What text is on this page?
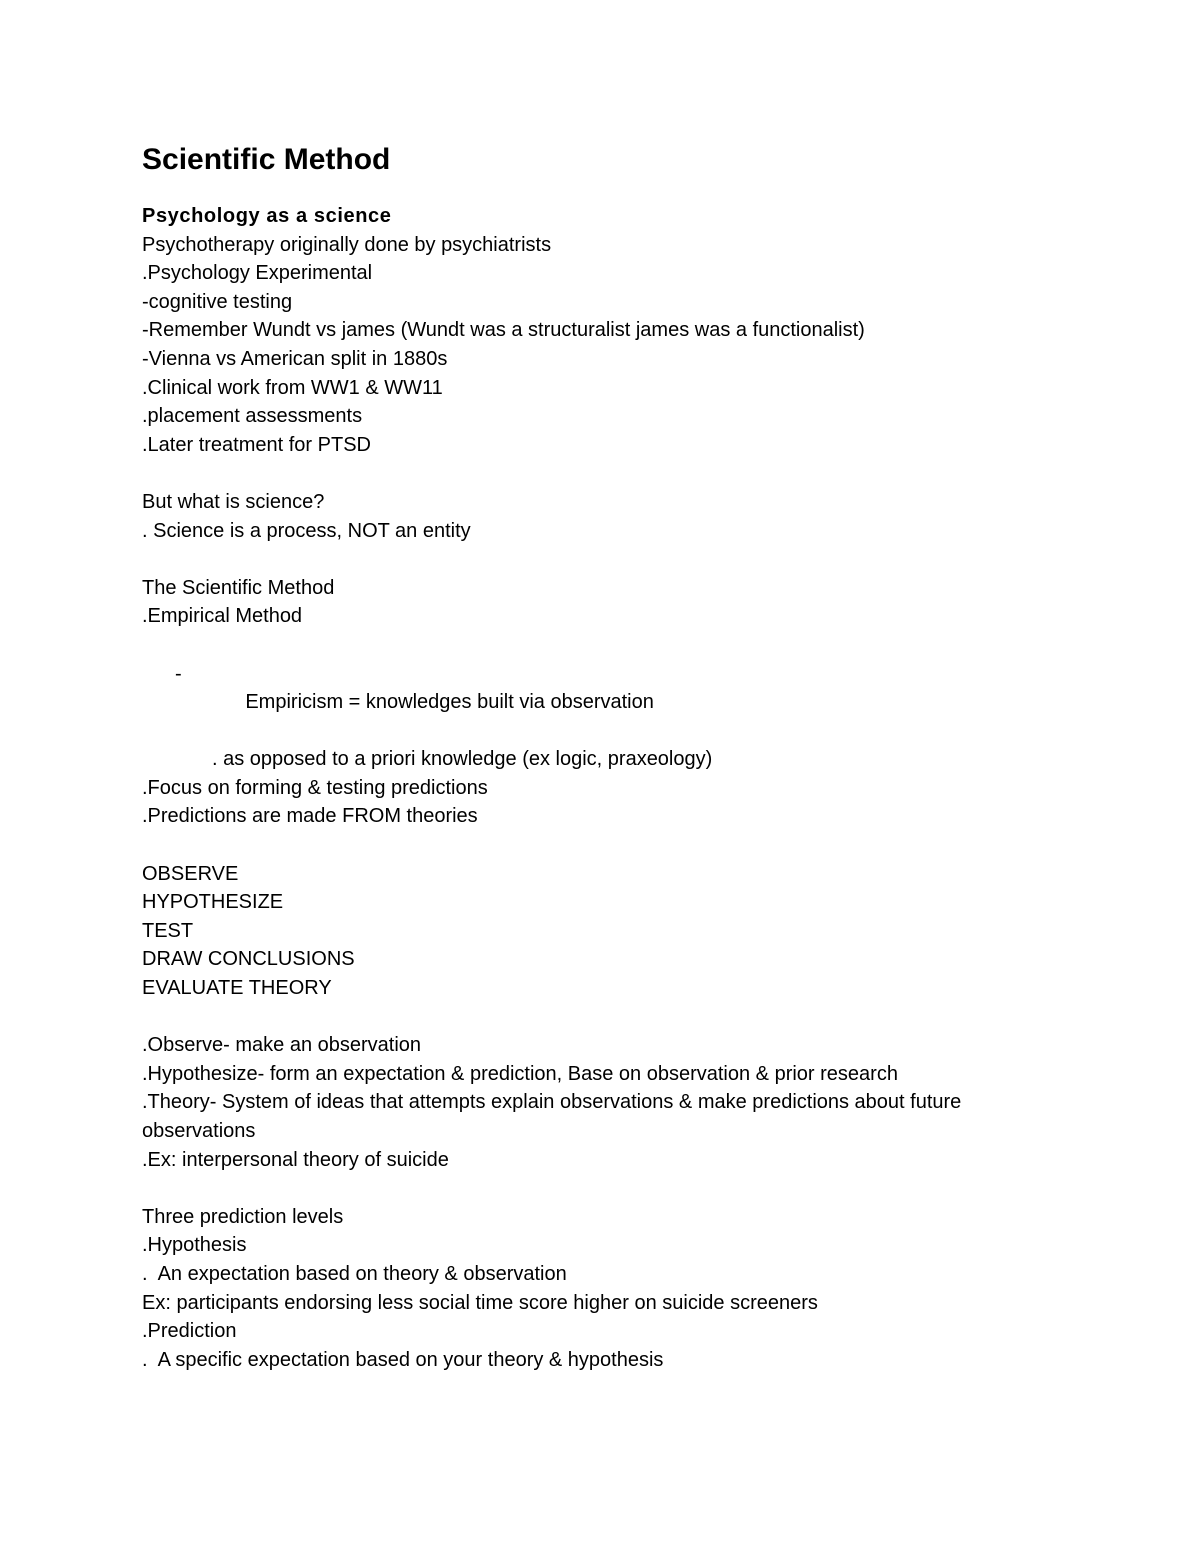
Scientific Method
Psychology as a science
Psychotherapy originally done by psychiatrists
.Psychology Experimental
-cognitive testing
-Remember Wundt vs james (Wundt was a structuralist james was a functionalist)
-Vienna vs American split in 1880s
.Clinical work from WW1 & WW11
.placement assessments
.Later treatment for PTSD
But what is science?
. Science is a process, NOT an entity
The Scientific Method
.Empirical Method

-

Empiricism = knowledges built via observation

. as opposed to a priori knowledge (ex logic, praxeology)
.Focus on forming & testing predictions
.Predictions are made FROM theories
OBSERVE
HYPOTHESIZE
TEST
DRAW CONCLUSIONS
EVALUATE THEORY
.Observe- make an observation
.Hypothesize- form an expectation & prediction, Base on observation & prior research
.Theory- System of ideas that attempts explain observations & make predictions about future observations
.Ex: interpersonal theory of suicide
Three prediction levels
.Hypothesis
.  An expectation based on theory & observation
Ex: participants endorsing less social time score higher on suicide screeners
.Prediction
.  A specific expectation based on your theory & hypothesis
